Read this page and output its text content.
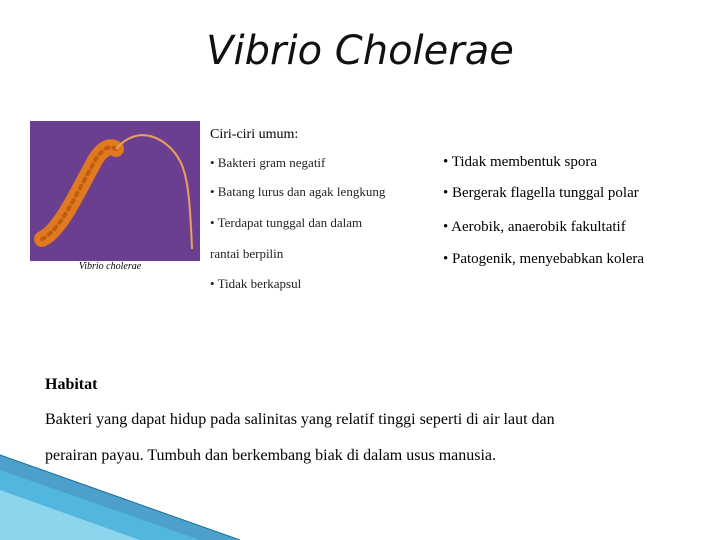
Vibrio Cholerae
Vibrio cholerae
Ciri-ciri umum:
• Bakteri gram negatif
• Batang lurus dan agak lengkung
• Terdapat tunggal dan dalam
rantai berpilin
• Tidak berkapsul
• Tidak membentuk spora
• Bergerak flagella tunggal polar
• Aerobik, anaerobik fakultatif
• Patogenik, menyebabkan kolera
Habitat
Bakteri yang dapat hidup pada salinitas yang relatif tinggi seperti di air laut dan perairan payau. Tumbuh dan berkembang biak di dalam usus manusia.
